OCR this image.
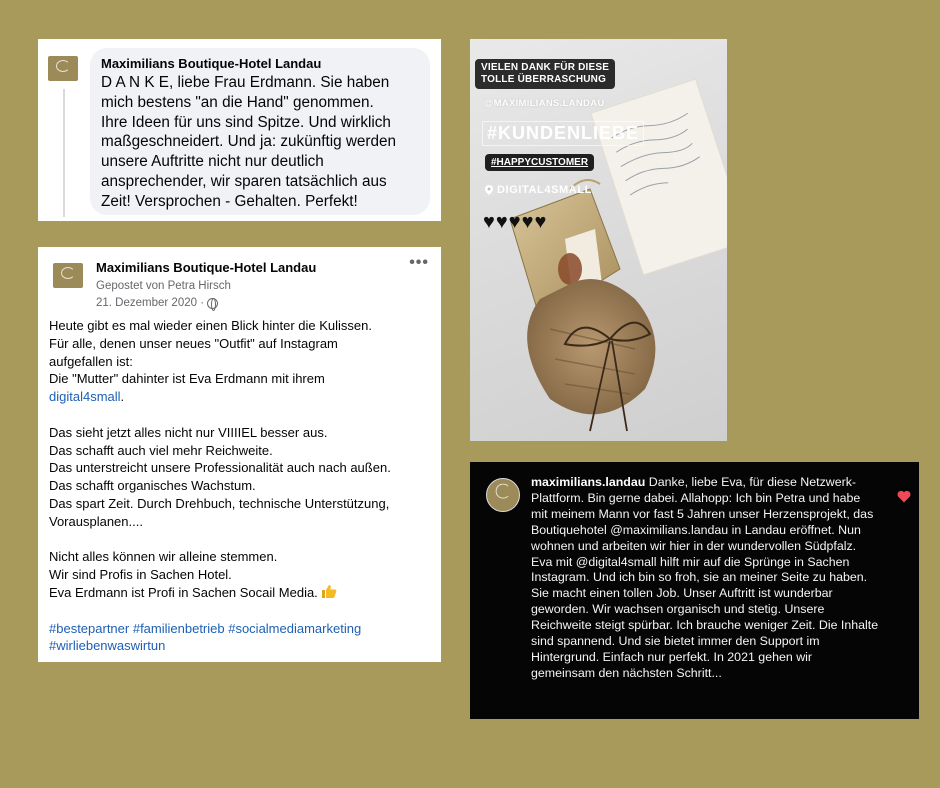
Maximilians Boutique-Hotel Landau
D A N K E, liebe Frau Erdmann. Sie haben
mich bestens "an die Hand" genommen.
Ihre Ideen für uns sind Spitze. Und wirklich
maßgeschneidert. Und ja: zukünftig werden
unsere Auftritte nicht nur deutlich
ansprechender, wir sparen tatsächlich aus
Zeit! Versprochen - Gehalten. Perfekt!
Maximilians Boutique-Hotel Landau
Gepostet von Petra Hirsch
21. Dezember 2020 ·
•••

Heute gibt es mal wieder einen Blick hinter die Kulissen.

Für alle, denen unser neues "Outfit" auf Instagram

aufgefallen ist:

Die "Mutter" dahinter ist Eva Erdmann mit ihrem

digital4small.

Das sieht jetzt alles nicht nur VIIIIEL besser aus.

Das schafft auch viel mehr Reichweite.

Das unterstreicht unsere Professionalität auch nach außen.

Das schafft organisches Wachstum.

Das spart Zeit. Durch Drehbuch, technische Unterstützung,

Vorausplanen....

Nicht alles können wir alleine stemmen.

Wir sind Profis in Sachen Hotel.

Eva Erdmann ist Profi in Sachen Socail Media.

#bestepartner #familienbetrieb #socialmediamarketing

#wirliebenwaswirtun

VIELEN DANK FÜR DIESE
TOLLE ÜBERRASCHUNG
@MAXIMILIANS.LANDAU
#KUNDENLIEBE
#HAPPYCUSTOMER
DIGITAL4SMALL
♥♥♥♥♥
maximilians.landau Danke, liebe Eva, für diese Netzwerk-Plattform. Bin gerne dabei. Allahopp: Ich bin Petra und habe mit meinem Mann vor fast 5 Jahren unser Herzensprojekt, das Boutiquehotel @maximilians.landau in Landau eröffnet. Nun wohnen und arbeiten wir hier in der wundervollen Südpfalz. Eva mit @digital4small hilft mir auf die Sprünge in Sachen Instagram. Und ich bin so froh, sie an meiner Seite zu haben. Sie macht einen tollen Job. Unser Auftritt ist wunderbar geworden. Wir wachsen organisch und stetig. Unsere Reichweite steigt spürbar. Ich brauche weniger Zeit. Die Inhalte sind spannend. Und sie bietet immer den Support im Hintergrund. Einfach nur perfekt. In 2021 gehen wir gemeinsam den nächsten Schritt...
